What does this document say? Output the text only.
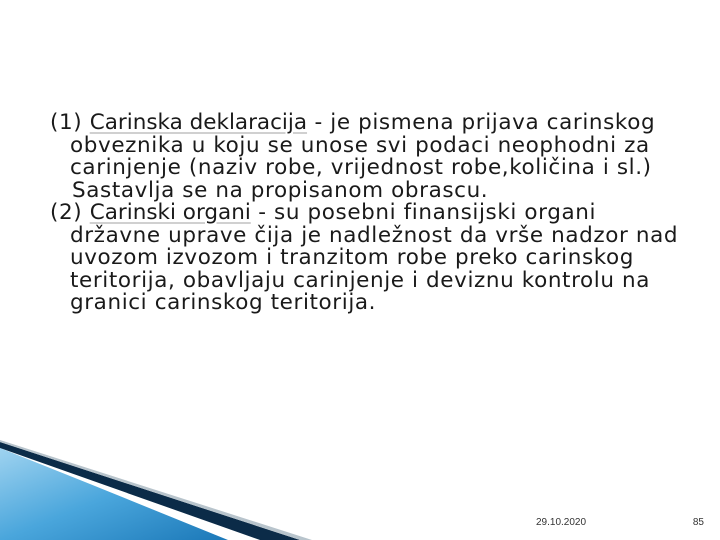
(1) Carinska deklaracija - je pismena prijava carinskog obveznika u koju se unose svi podaci neophodni za carinjenje (naziv robe, vrijednost robe,količina i sl.)

Sastavlja se na propisanom obrascu.

(2) Carinski organi - su posebni finansijski organi državne uprave čija je nadležnost da vrše nadzor nad uvozom izvozom i tranzitom robe preko carinskog teritorija, obavljaju carinjenje i deviznu kontrolu na granici carinskog teritorija.

29.10.2020	85
